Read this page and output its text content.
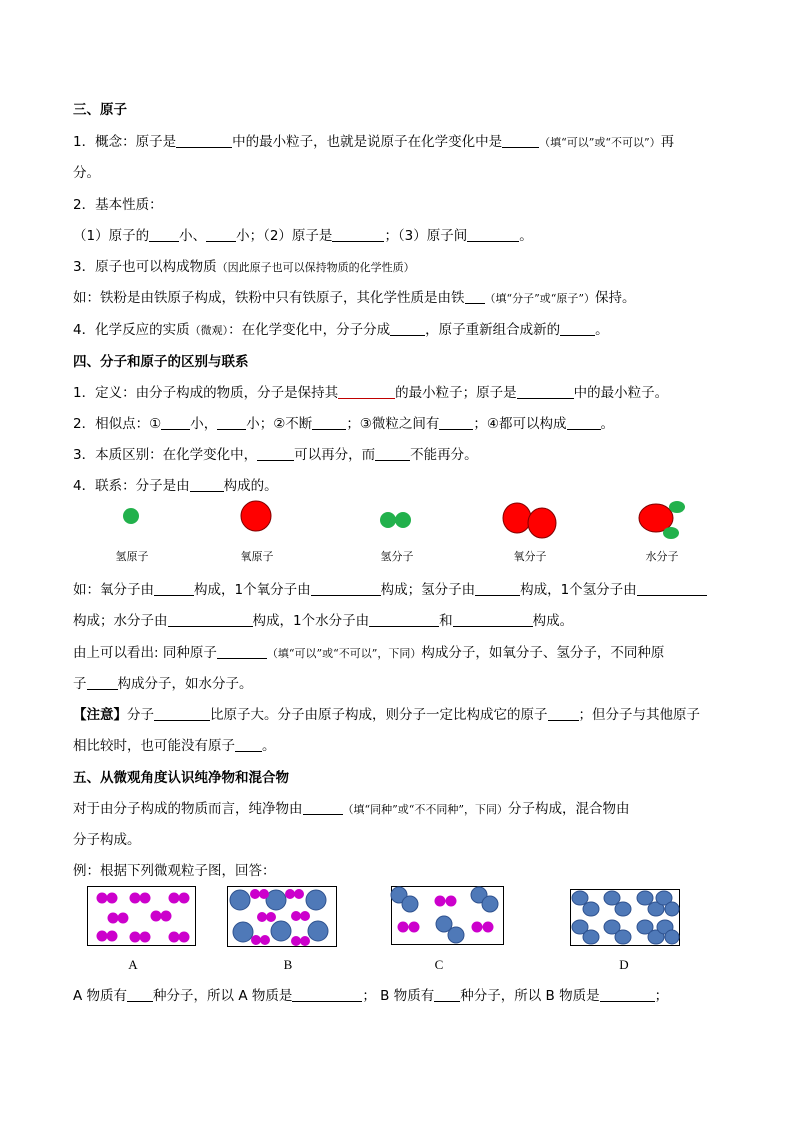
三、原子
1．概念：原子是	中的最小粒子，也就是说原子在化学变化中是	（填“可以”或“不可以”）再
分。
2．基本性质：
（1）原子的 小、 小；（2）原子是	；（3）原子间	。
3．原子也可以构成物质（因此原子也可以保持物质的化学性质）
如：铁粉是由铁原子构成，铁粉中只有铁原子，其化学性质是由铁 （填“分子”或“原子”）保持。
4．化学反应的实质（微观）：在化学变化中，分子分成	，原子重新组合成新的	。
四、分子和原子的区别与联系
1．定义：由分子构成的物质，分子是保持其	的最小粒子；原子是	中的最小粒子。
2．相似点：① 小， 小；②不断	；③微粒之间有	；④都可以构成	。
3．本质区别：在化学变化中，	可以再分，而	不能再分。
4．联系：分子是由	构成的。
氢原子	氧原子	氢分子	氧分子	水分子
如：氧分子由	构成，1个氧分子由	构成；氢分子由	构成，1个氢分子由
构成；水分子由	构成，1个水分子由	和	构成。
由上可以看出: 同种原子	（填“可以”或“不可以”，下同）构成分子，如氧分子、氢分子，不同种原
子 构成分子，如水分子。
【注意】分子	比原子大。分子由原子构成，则分子一定比构成它的原子 ；但分子与其他原子
相比较时，也可能没有原子 。
五、从微观角度认识纯净物和混合物
对于由分子构成的物质而言，纯净物由	（填“同种”或“不不同种”，下同）分子构成，混合物由
分子构成。
例：根据下列微观粒子图，回答：
A	B	C	D
A 物质有 种分子，所以 A 物质是	； B 物质有 种分子，所以 B 物质是	；
